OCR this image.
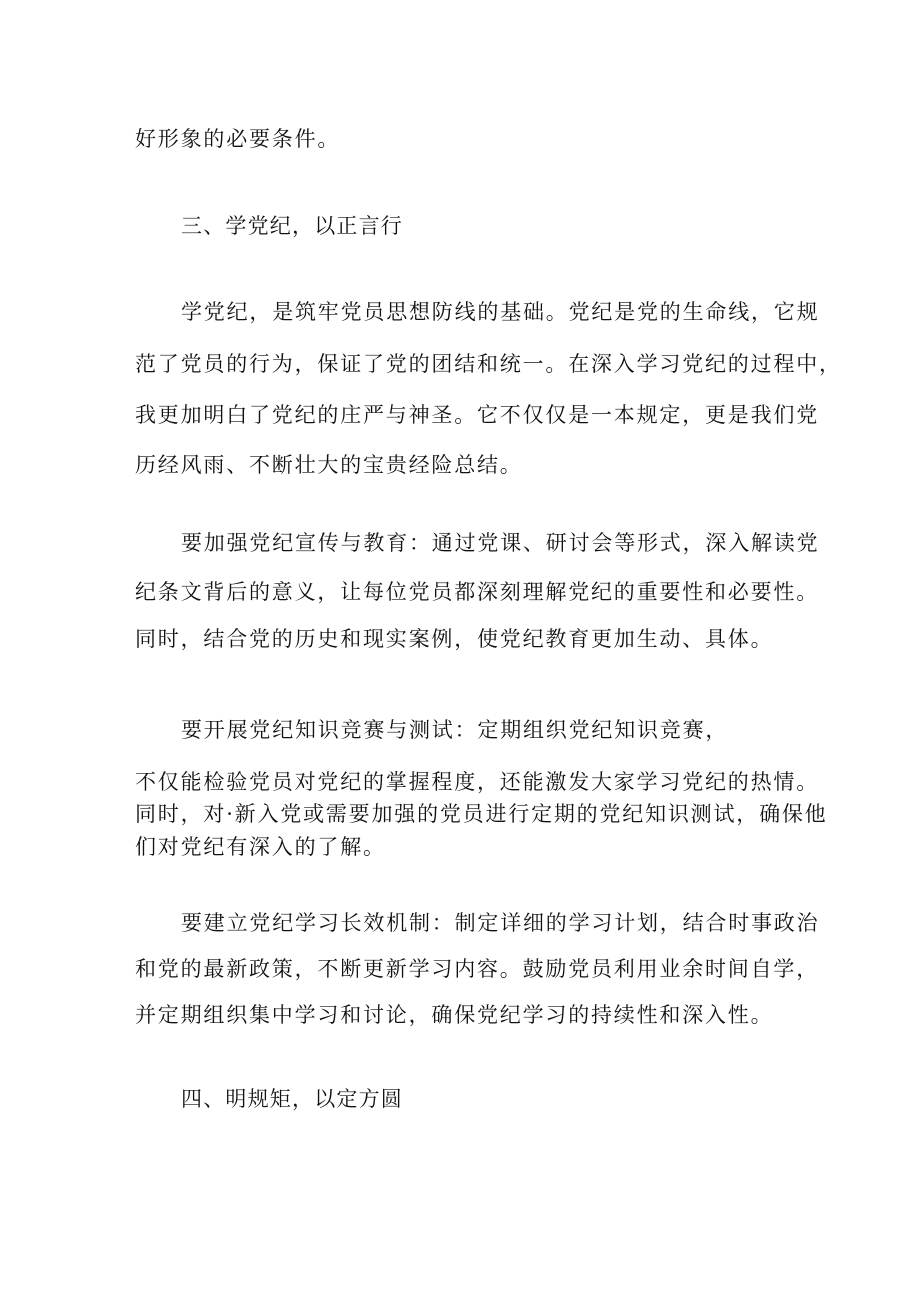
好形象的必要条件。
三、学党纪，以正言行
学党纪，是筑牢党员思想防线的基础。党纪是党的生命线，它规
范了党员的行为，保证了党的团结和统一。在深入学习党纪的过程中，
我更加明白了党纪的庄严与神圣。它不仅仅是一本规定，更是我们党
历经风雨、不断壮大的宝贵经险总结。
要加强党纪宣传与教育：通过党课、研讨会等形式，深入解读党
纪条文背后的意义，让每位党员都深刻理解党纪的重要性和必要性。
同时，结合党的历史和现实案例，使党纪教育更加生动、具体。
要开展党纪知识竞赛与测试：定期组织党纪知识竞赛，
不仅能检验党员对党纪的掌握程度，还能激发大家学习党纪的热情。
同时，对·新入党或需要加强的党员进行定期的党纪知识测试，确保他
们对党纪有深入的了解。
要建立党纪学习长效机制：制定详细的学习计划，结合时事政治
和党的最新政策，不断更新学习内容。鼓励党员利用业余时间自学，
并定期组织集中学习和讨论，确保党纪学习的持续性和深入性。
四、明规矩，以定方圆
